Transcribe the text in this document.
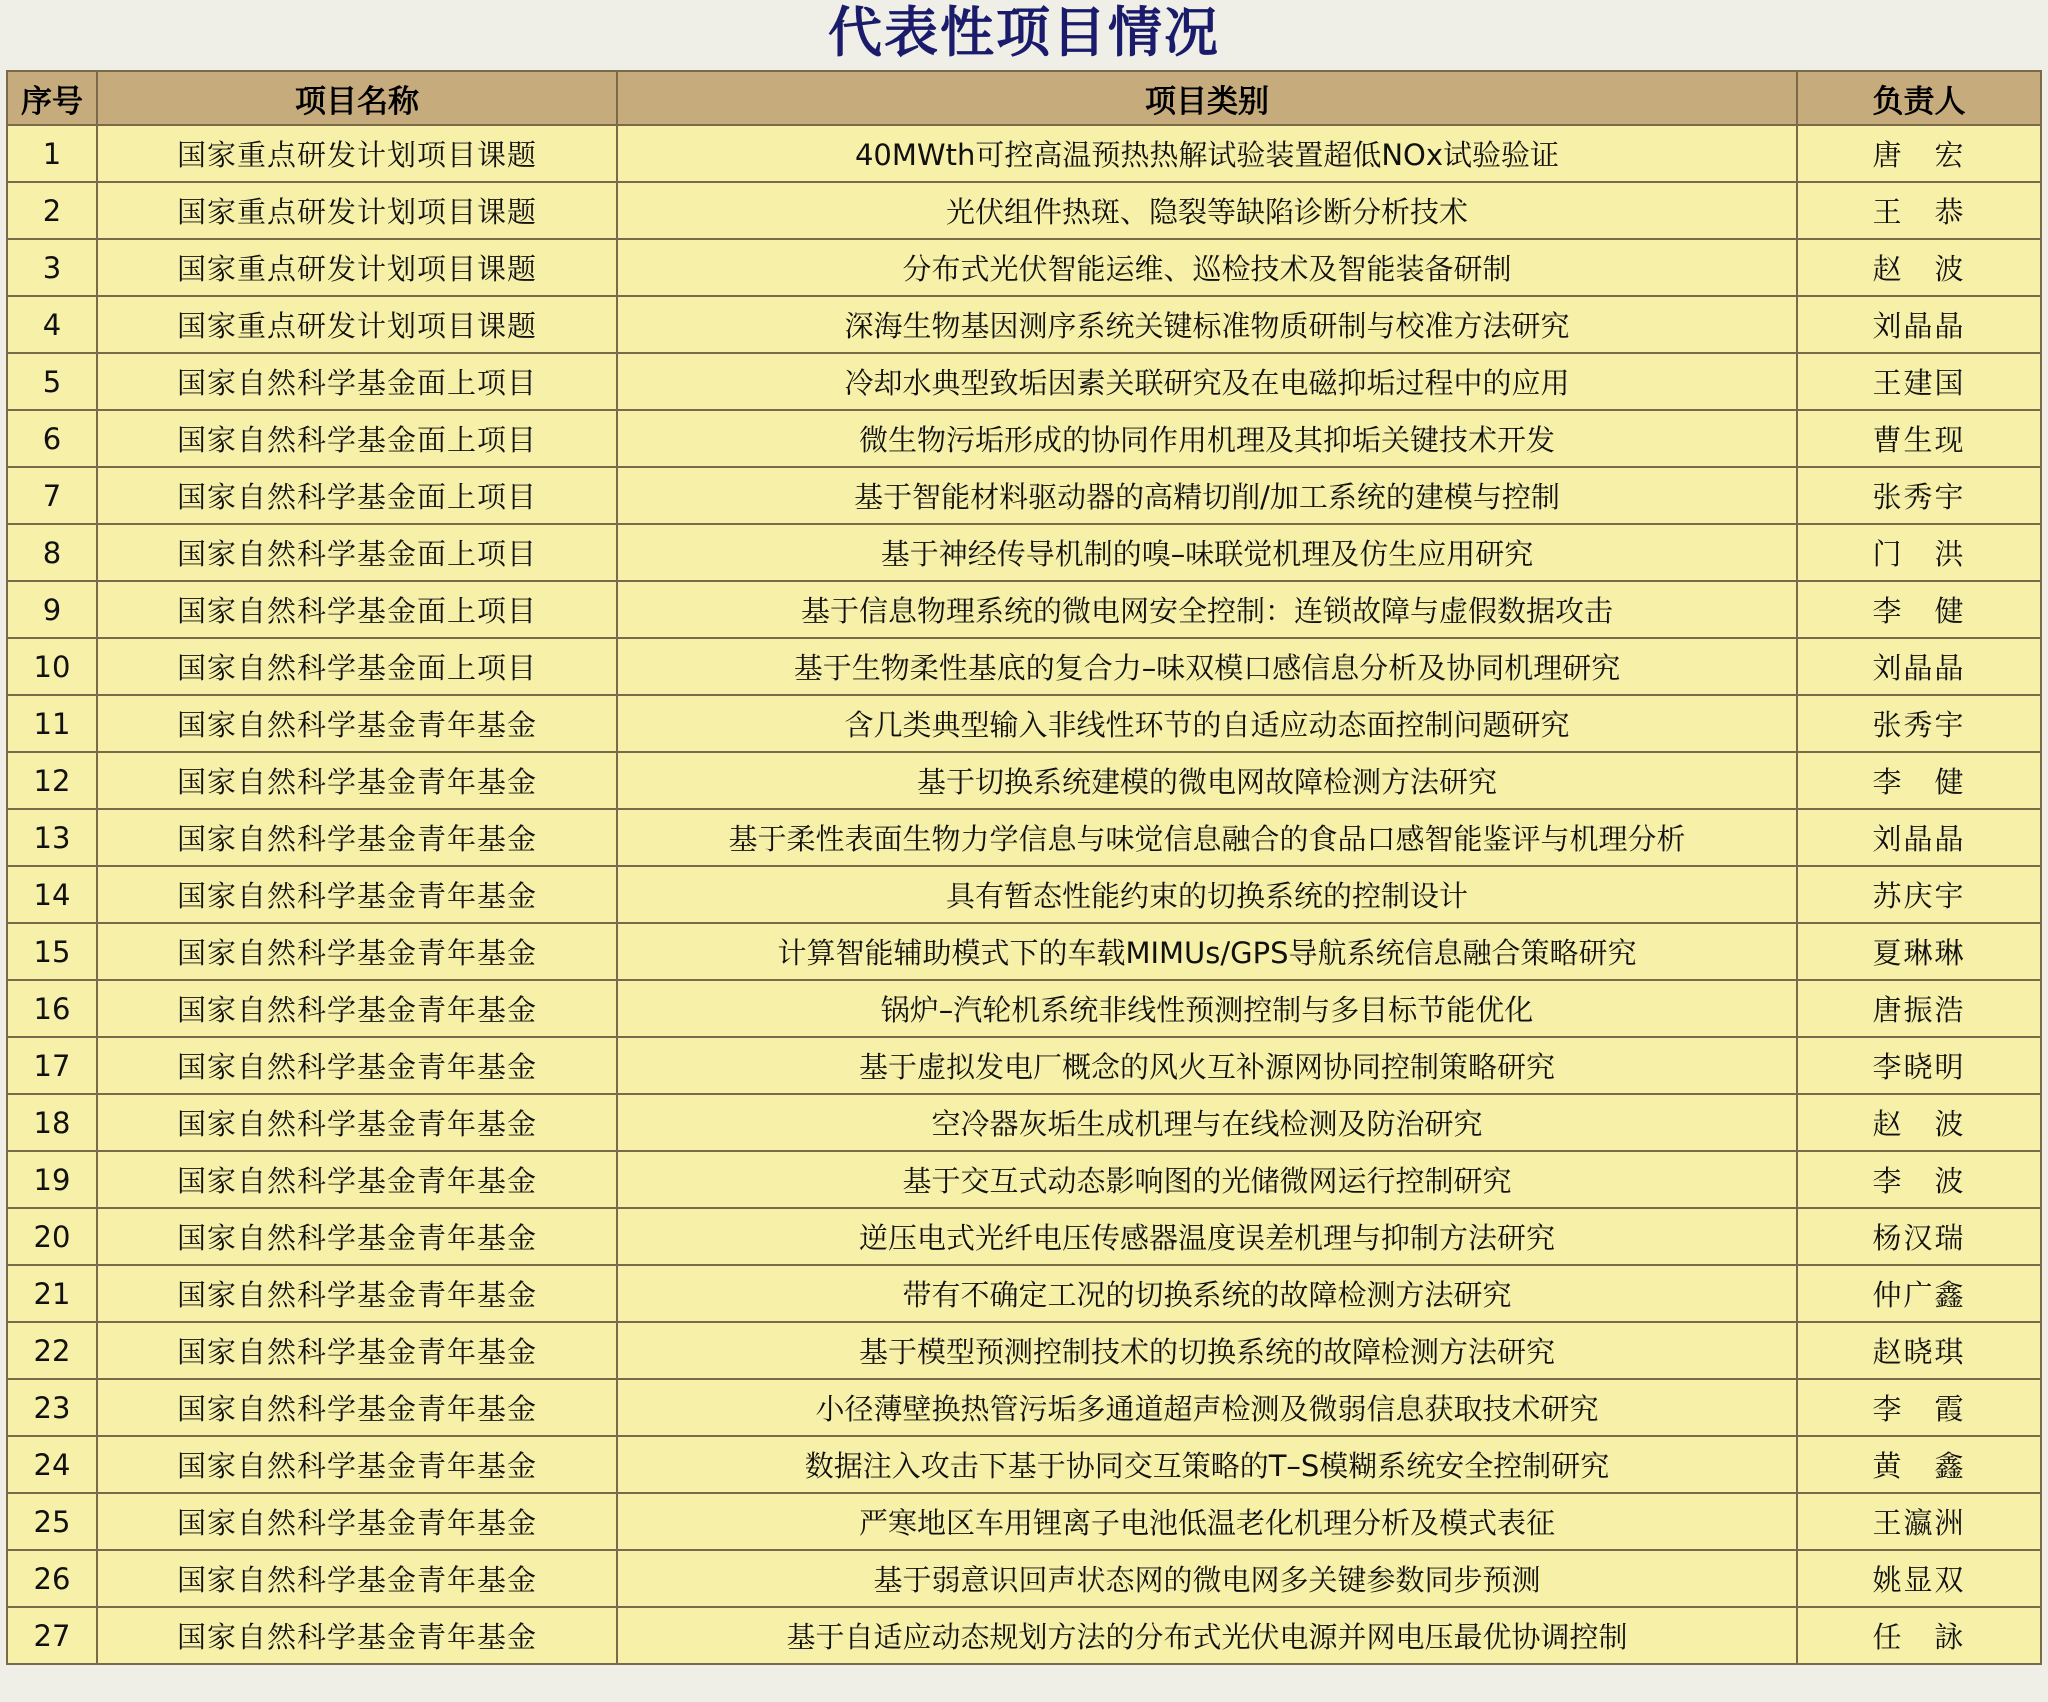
代表性项目情况
序号	项目名称	项目类别	负责人
1	国家重点研发计划项目课题	40MWth可控高温预热热解试验装置超低NOx试验验证	唐　宏
2	国家重点研发计划项目课题	光伏组件热斑、隐裂等缺陷诊断分析技术	王　恭
3	国家重点研发计划项目课题	分布式光伏智能运维、巡检技术及智能装备研制	赵　波
4	国家重点研发计划项目课题	深海生物基因测序系统关键标准物质研制与校准方法研究	刘晶晶
5	国家自然科学基金面上项目	冷却水典型致垢因素关联研究及在电磁抑垢过程中的应用	王建国
6	国家自然科学基金面上项目	微生物污垢形成的协同作用机理及其抑垢关键技术开发	曹生现
7	国家自然科学基金面上项目	基于智能材料驱动器的高精切削/加工系统的建模与控制	张秀宇
8	国家自然科学基金面上项目	基于神经传导机制的嗅–味联觉机理及仿生应用研究	门　洪
9	国家自然科学基金面上项目	基于信息物理系统的微电网安全控制：连锁故障与虚假数据攻击	李　健
10	国家自然科学基金面上项目	基于生物柔性基底的复合力–味双模口感信息分析及协同机理研究	刘晶晶
11	国家自然科学基金青年基金	含几类典型输入非线性环节的自适应动态面控制问题研究	张秀宇
12	国家自然科学基金青年基金	基于切换系统建模的微电网故障检测方法研究	李　健
13	国家自然科学基金青年基金	基于柔性表面生物力学信息与味觉信息融合的食品口感智能鉴评与机理分析	刘晶晶
14	国家自然科学基金青年基金	具有暂态性能约束的切换系统的控制设计	苏庆宇
15	国家自然科学基金青年基金	计算智能辅助模式下的车载MIMUs/GPS导航系统信息融合策略研究	夏琳琳
16	国家自然科学基金青年基金	锅炉–汽轮机系统非线性预测控制与多目标节能优化	唐振浩
17	国家自然科学基金青年基金	基于虚拟发电厂概念的风火互补源网协同控制策略研究	李晓明
18	国家自然科学基金青年基金	空冷器灰垢生成机理与在线检测及防治研究	赵　波
19	国家自然科学基金青年基金	基于交互式动态影响图的光储微网运行控制研究	李　波
20	国家自然科学基金青年基金	逆压电式光纤电压传感器温度误差机理与抑制方法研究	杨汉瑞
21	国家自然科学基金青年基金	带有不确定工况的切换系统的故障检测方法研究	仲广鑫
22	国家自然科学基金青年基金	基于模型预测控制技术的切换系统的故障检测方法研究	赵晓琪
23	国家自然科学基金青年基金	小径薄壁换热管污垢多通道超声检测及微弱信息获取技术研究	李　霞
24	国家自然科学基金青年基金	数据注入攻击下基于协同交互策略的T–S模糊系统安全控制研究	黄　鑫
25	国家自然科学基金青年基金	严寒地区车用锂离子电池低温老化机理分析及模式表征	王瀛洲
26	国家自然科学基金青年基金	基于弱意识回声状态网的微电网多关键参数同步预测	姚显双
27	国家自然科学基金青年基金	基于自适应动态规划方法的分布式光伏电源并网电压最优协调控制	任　詠
